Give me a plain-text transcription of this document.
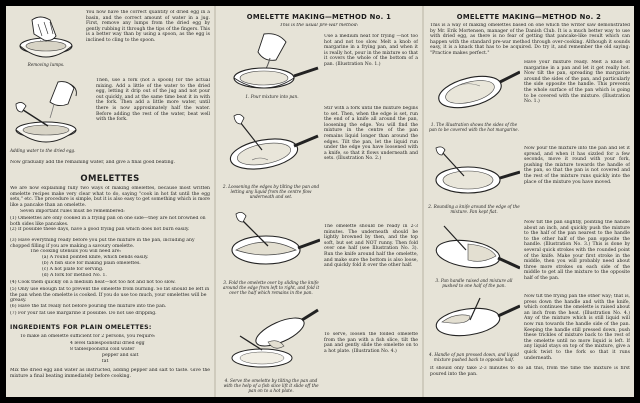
Removing lumps.
You now have the correct quantity of dried egg in a basin, and the correct amount of water in a jug. First, remove any lumps from the dried egg by gently rubbing it through the tips of the fingers. This is a better way than by using a spoon, as the egg is inclined to cling to the spoon.
Then, use a fork (not a spoon) for the actual mixing. Add a little of the water to the dried egg, letting it drip out of the jug and not pour out quickly, and at the same time beat it in with the fork. Then add a little more water, until there is now approximately half the water. Before adding the rest of the water, beat well with the fork.
Adding water to the dried egg.
Now gradually add the remaining water, and give a final good beating.
OMELETTES
We are now explaining fully two ways of making omelettes, because most written omelette recipes make very clear what to do, saying "cook in hot fat until the egg sets," etc. The procedure is simple, but it is also easy to get something which is more like a pancake than an omelette.
Seven important rules must be remembered:
(1) Omelettes are only cooked in a frying pan on one side—they are not browned on both sides like pancakes.
(2) If possible these days, have a good frying pan which does not burn easily.
(3) Have everything ready before you put the mixture in the pan, including any chopped filling if you are making a savoury omelette.
The cooking utensils you will need are:
(a) A round pointed knife, which bends easily.
(b) A fish slice for making plain omelettes.
(c) A hot plate for serving.
(d) A fork for method No. 1.
(4) Cook them quickly on a medium heat—not too hot and not too slow.
(5) Only use enough fat to prevent the omelette from burning. So fat should be left in the pan when the omelette is cooked. If you do use too much, your omelettes will be greasy.
(6) Have the fat really hot before pouring the mixture into the pan.
(7) For your fat use margarine if possible. Do not use dripping.
INGREDIENTS FOR PLAIN OMELETTES:
To make an omelette sufficient for 2 persons, you require:
4 level tablespoonsful dried egg
8 tablespoonsful cold water
pepper and salt
fat
Mix the dried egg and water as instructed, adding pepper and salt to taste. Give the mixture a final beating immediately before cooking.
OMELETTE MAKING—METHOD No. 1
This is the usual pre-war method:
1. Pour mixture into pan.
Use a medium heat for frying —not too hot and not too slow. Melt a knob of margarine in a frying pan, and when it is really hot, pour in the mixture so that it covers the whole of the bottom of a pan. (Illustration No. 1.)
2. Loosening the edges by tilting the pan and letting any liquid from the centre flow underneath and set.
Stir with a fork until the mixture begins to set. Then, when the edge is set, run the end of a knife all around the pan, loosening the edge. You will find the mixture in the centre of the pan remains liquid longer than around the edges. Tilt the pan, let the liquid run under the edge you have loosened with a knife, so that it flows underneath and sets. (Illustration No. 2.)
3. Fold the omelette over by sliding the knife around the edge from left to right, and fold it over the half which remains in the pan.
The omelette should be ready in 2-3 minutes. The underneath should be lightly browned by then, and the top soft, but set and NOT runny. Then fold over one half (see Illustration No. 3). Run the knife around half the omelette, and make sure the bottom is also loose, and quickly fold it over the other half.
4. Serve the omelette by tilting the pan and with the help of a fish slice lift it slide off the pan on to a hot plate.
To serve, loosen the folded omelette from the pan with a fish slice, tilt the pan and gently slide the omelette on to a hot plate. (Illustration No. 4.)
OMELETTE MAKING—METHOD No. 2
This is a way of making omelettes based on one which the writer saw demonstrated by Mr. Erik Mortensen, manager of the Danish Club. It is a much better way to use with dried egg, as there is no fear of getting that pancake-like result which can happen with the standard pre-war method through over-cooking. Although it sounds easy, it is a knack that has to be acquired. Do try it, and remember the old saying: "Practice makes perfect."
1. The illustration shows the sides of the pan to be covered with the hot margarine.
Have your mixture ready. Melt a knob of margarine in a pan and let it get really hot. Now tilt the pan, spreading the margarine around the sides of the pan, and particularly the side opposite the handle. This prevents the whole surface of the pan which is going to be covered with the mixture. (Illustration No. 1.)
2. Rounding a knife around the edge of the mixture. Pan kept flat.
Now pour the mixture into the pan and let it spread, and when it has sizzled for a few seconds, move it round with your fork, pushing the mixture towards the handle of the pan, so that the pan is not covered and the rest of the mixture runs quickly into the place of the mixture you have moved.
3. Pan handle raised and mixture all pushed to one half of the pan.
Now tilt the pan slightly, pointing the handle about an inch, and quickly push the mixture to the half of the pan nearest to the handle to the other half of the pan opposite the handle. (Illustration No. 3.) This is done by several quick strokes with the rounded point of the knife. Make your first stroke in the middle, then you will probably need about three more strokes on each side of the middle to get all the mixture to the opposite half of the pan.
4. Handle of pan pressed down, and liquid mixture pushed back to opposite half.
Now tilt the frying pan the other way; that is, press down the handle and with the knife, which continues the omelette is raised about an inch from the heat. (Illustration No. 4.) Any of the mixture which is still liquid will now run towards the handle side of the pan. Keeping the handle still pressed down, push these trickles of mixture back to the rest of the omelette until no more liquid is left. If any liquid stays on top of the mixture, give a quick twist to the fork so that it runs underneath.
It should only take 2-3 minutes to do all this, from the time the mixture is first poured into the pan.
